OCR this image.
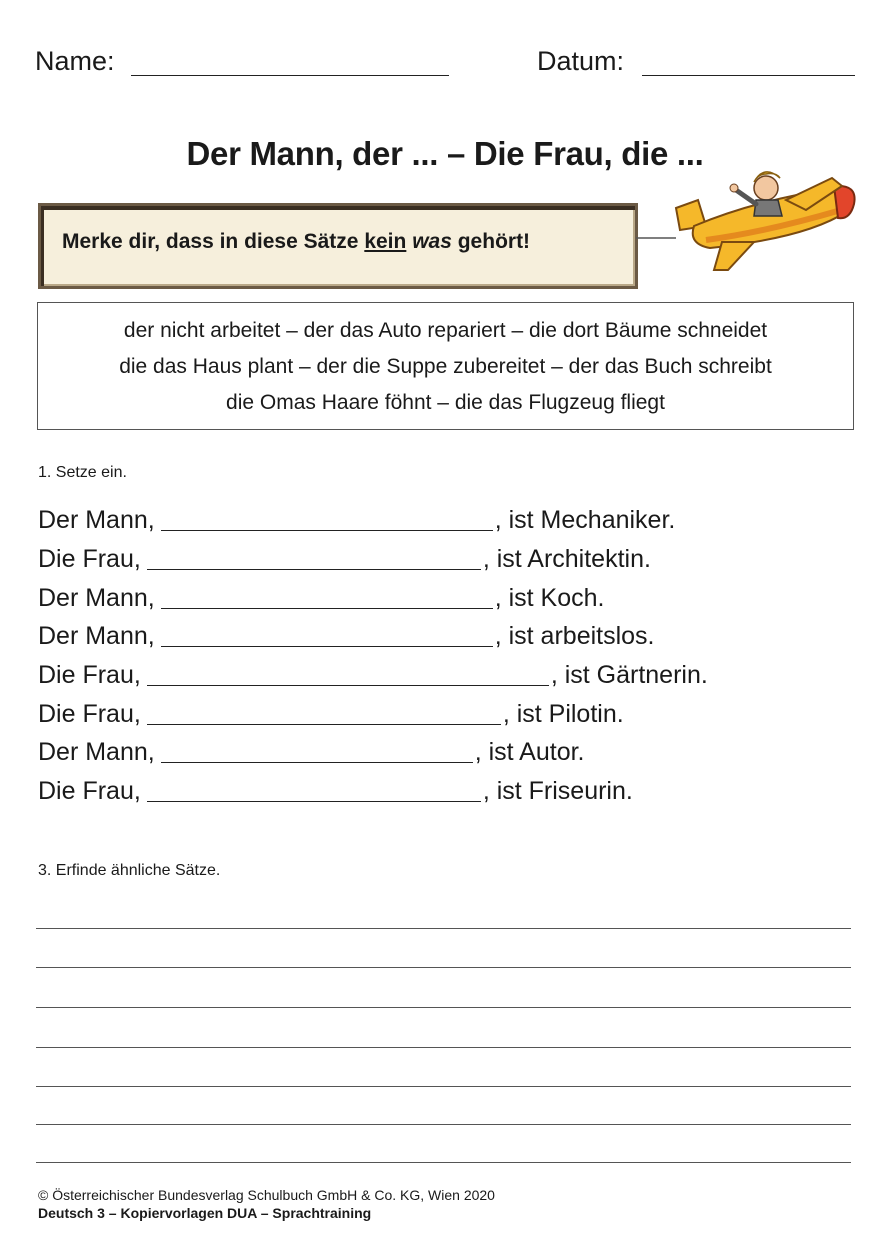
Name:	Datum:
Der Mann, der ... – Die Frau, die ...
Merke dir, dass in diese Sätze kein was gehört!
der nicht arbeitet – der das Auto repariert – die dort Bäume schneidet
die das Haus plant – der die Suppe zubereitet – der das Buch schreibt
die Omas Haare föhnt – die das Flugzeug fliegt
1. Setze ein.
Der Mann,	, ist Mechaniker.
Die Frau,	, ist Architektin.
Der Mann,	, ist Koch.
Der Mann,	, ist arbeitslos.
Die Frau,	, ist Gärtnerin.
Die Frau,	, ist Pilotin.
Der Mann,	, ist Autor.
Die Frau,	, ist Friseurin.
3. Erfinde ähnliche Sätze.
© Österreichischer Bundesverlag Schulbuch GmbH & Co. KG, Wien 2020
Deutsch 3 – Kopiervorlagen DUA – Sprachtraining
